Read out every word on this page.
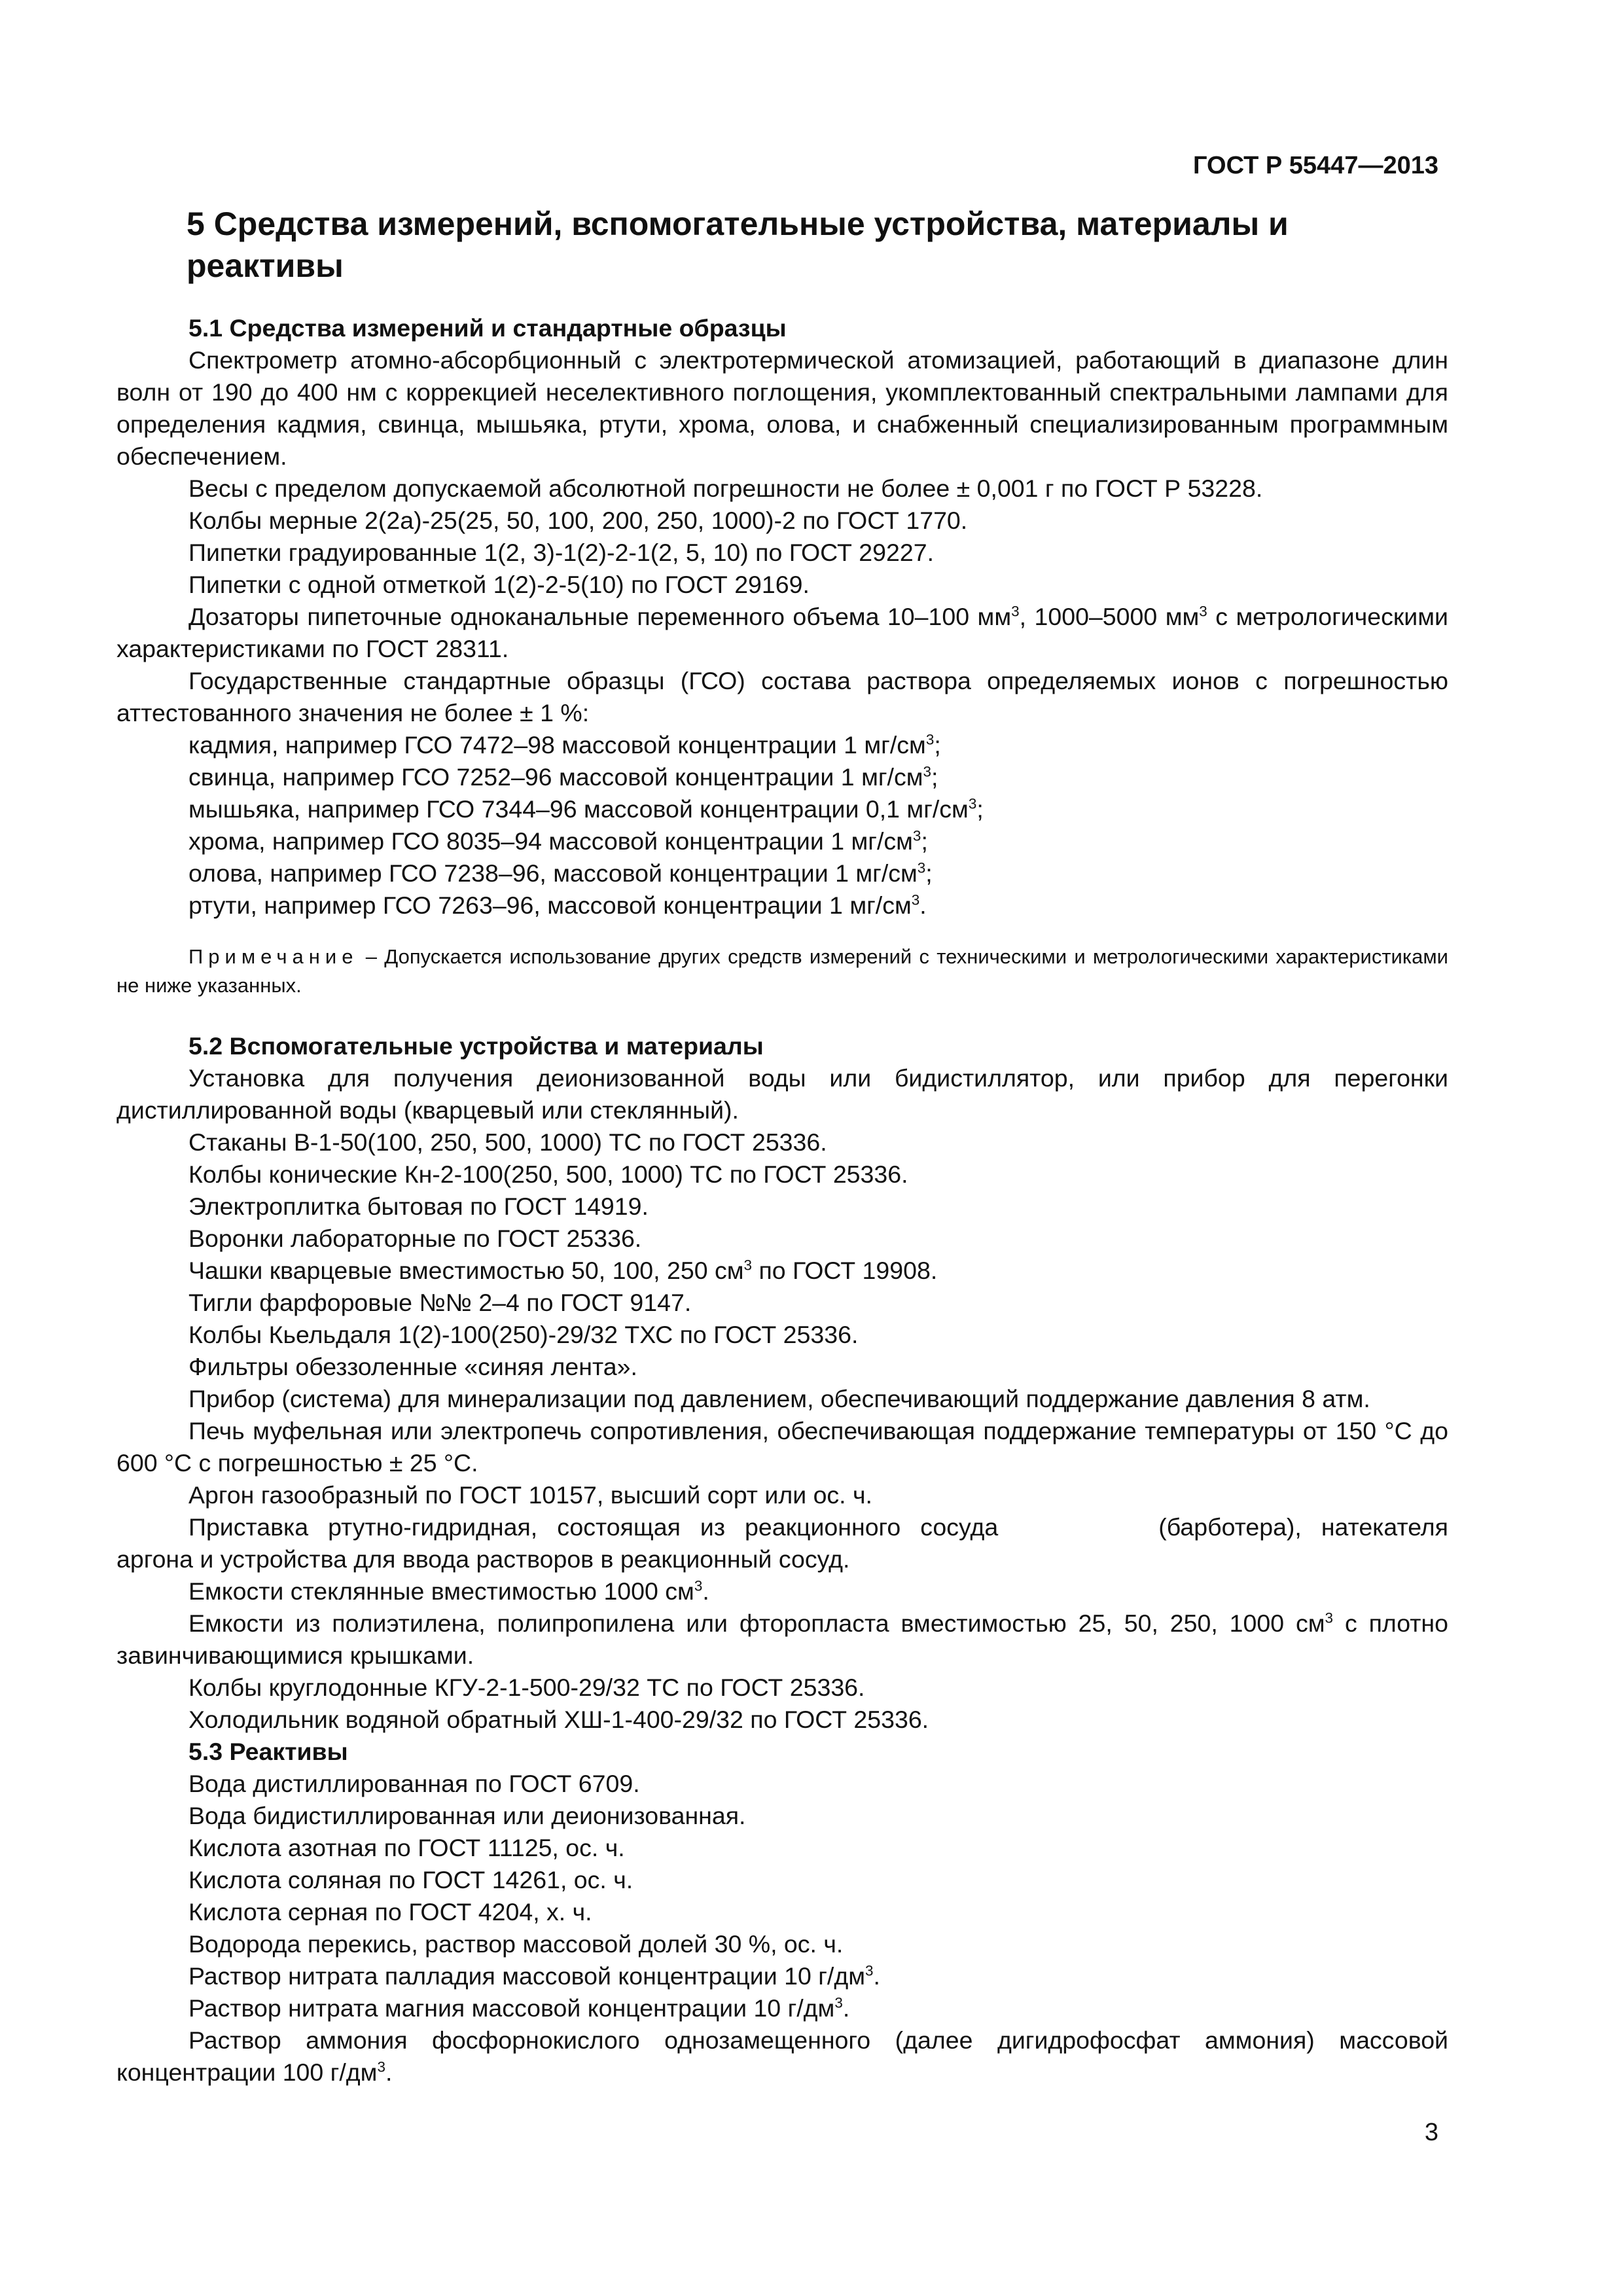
ГОСТ Р 55447—2013
5 Средства измерений, вспомогательные устройства, материалы и реактивы

5.1 Средства измерений и стандартные образцы

Спектрометр атомно-абсорбционный с электротермической атомизацией, работающий в диапазоне длин волн от 190 до 400 нм с коррекцией неселективного поглощения, укомплектованный спектральными лампами для определения кадмия, свинца, мышьяка, ртути, хрома, олова, и снабженный специализированным программным обеспечением.

Весы с пределом допускаемой абсолютной погрешности не более ± 0,001 г по ГОСТ Р 53228.

Колбы мерные 2(2а)-25(25, 50, 100, 200, 250, 1000)-2 по ГОСТ 1770.

Пипетки градуированные 1(2, 3)-1(2)-2-1(2, 5, 10) по ГОСТ 29227.

Пипетки с одной отметкой 1(2)-2-5(10) по ГОСТ 29169.

Дозаторы пипеточные одноканальные переменного объема 10–100 $мм^3$, 1000–5000 $мм^3$ с метрологическими характеристиками по ГОСТ 28311.

Государственные стандартные образцы (ГСО) состава раствора определяемых ионов с погрешностью аттестованного значения не более ± 1 %:

кадмия, например ГСО 7472–98 массовой концентрации 1 $мг/см^3$;

свинца, например ГСО 7252–96 массовой концентрации 1 $мг/см^3$;

мышьяка, например ГСО 7344–96 массовой концентрации 0,1 $мг/см^3$;

хрома, например ГСО 8035–94 массовой концентрации 1 $мг/см^3$;

олова, например ГСО 7238–96, массовой концентрации 1 $мг/см^3$;

ртути, например ГСО 7263–96, массовой концентрации 1 $мг/см^3$.

Примечание – Допускается использование других средств измерений с техническими и метрологическими характеристиками не ниже указанных.

5.2 Вспомогательные устройства и материалы

Установка для получения деионизованной воды или бидистиллятор, или прибор для перегонки дистиллированной воды (кварцевый или стеклянный).

Стаканы В-1-50(100, 250, 500, 1000) ТС по ГОСТ 25336.

Колбы конические Кн-2-100(250, 500, 1000) ТС по ГОСТ 25336.

Электроплитка бытовая по ГОСТ 14919.

Воронки лабораторные по ГОСТ 25336.

Чашки кварцевые вместимостью 50, 100, 250 $см^3$ по ГОСТ 19908.

Тигли фарфоровые №№ 2–4 по ГОСТ 9147.

Колбы Кьельдаля 1(2)-100(250)-29/32 ТХС по ГОСТ 25336.

Фильтры обеззоленные «синяя лента».

Прибор (система) для минерализации под давлением, обеспечивающий поддержание давления 8 атм.

Печь муфельная или электропечь сопротивления, обеспечивающая поддержание температуры от 150 °С до 600 °С с погрешностью ± 25 °С.

Аргон газообразный по ГОСТ 10157, высший сорт или ос. ч.

Приставка ртутно-гидридная, состоящая из реакционного сосуда	(барботера), натекателя аргона и устройства для ввода растворов в реакционный сосуд.

Емкости стеклянные вместимостью 1000 $см^3$.

Емкости из полиэтилена, полипропилена или фторопласта вместимостью 25, 50, 250, 1000 $см^3$ с плотно завинчивающимися крышками.

Колбы круглодонные КГУ-2-1-500-29/32 ТС по ГОСТ 25336.

Холодильник водяной обратный ХШ-1-400-29/32 по ГОСТ 25336.

5.3 Реактивы

Вода дистиллированная по ГОСТ 6709.

Вода бидистиллированная или деионизованная.

Кислота азотная по ГОСТ 11125, ос. ч.

Кислота соляная по ГОСТ 14261, ос. ч.

Кислота серная по ГОСТ 4204, х. ч.

Водорода перекись, раствор массовой долей 30 %, ос. ч.

Раствор нитрата палладия массовой концентрации 10 $г/дм^3$.

Раствор нитрата магния массовой концентрации 10 $г/дм^3$.

Раствор аммония фосфорнокислого однозамещенного (далее дигидрофосфат аммония) массовой концентрации 100 $г/дм^3$.

3
